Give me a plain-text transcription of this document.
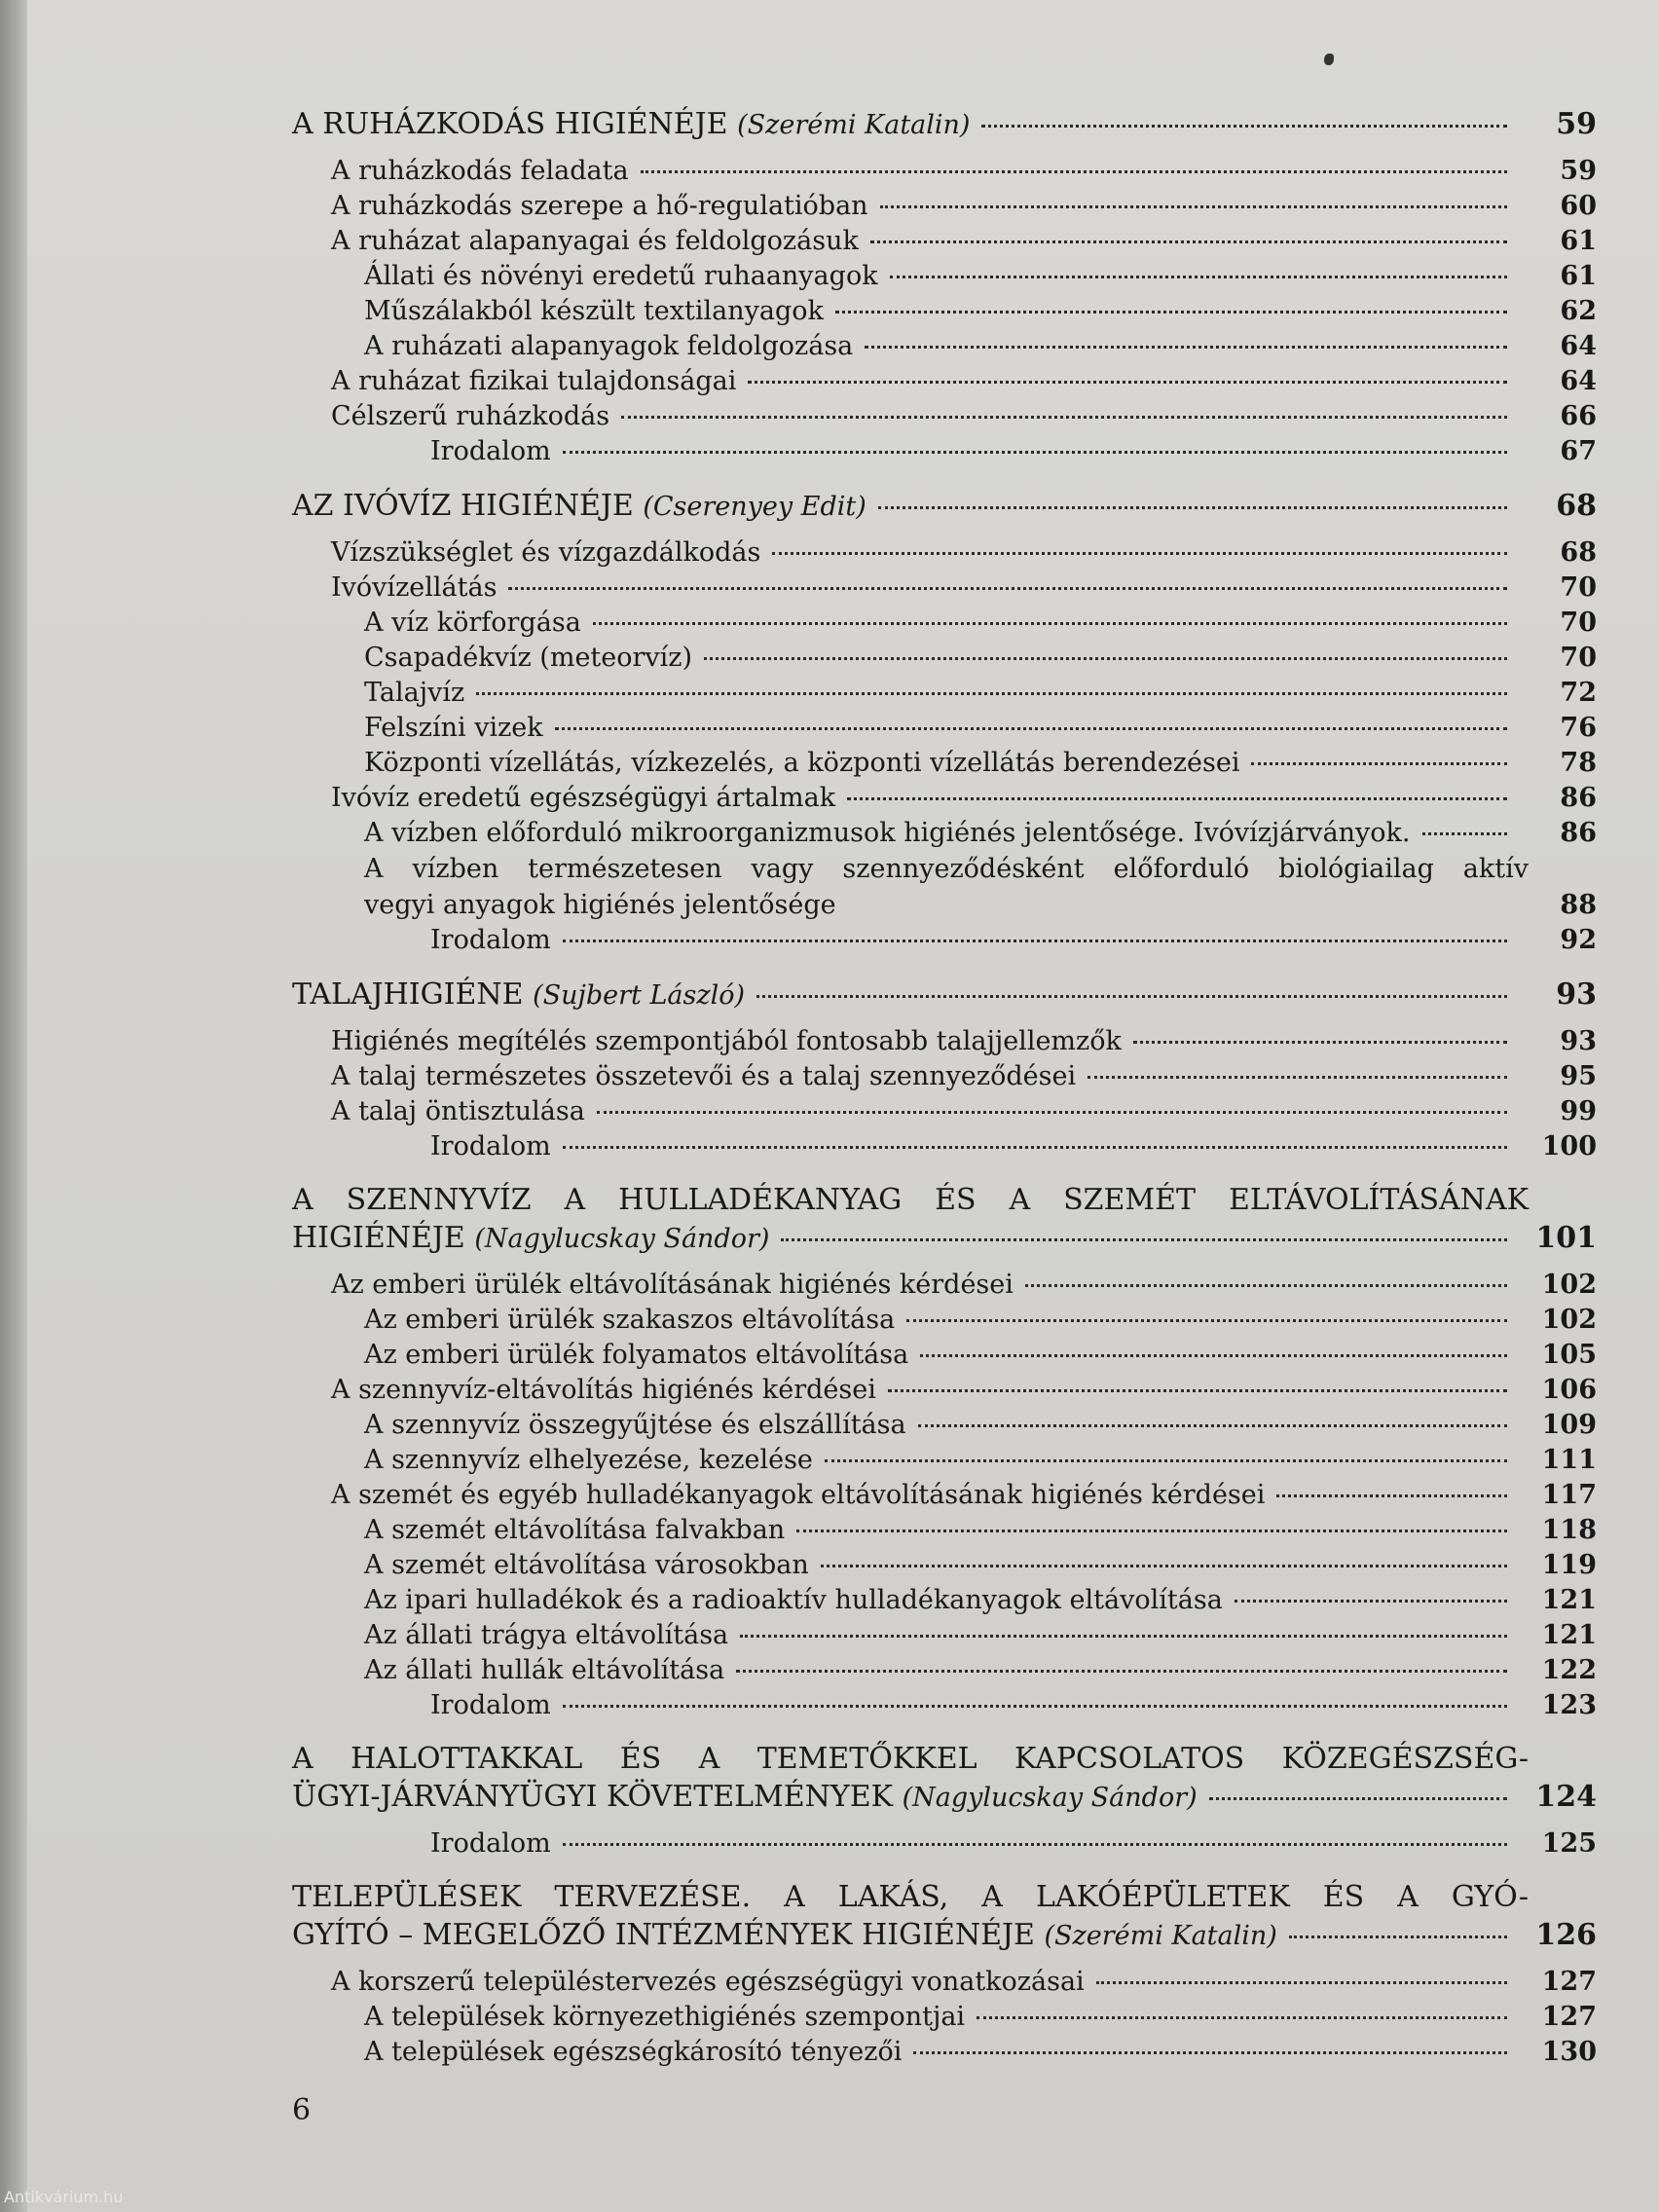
A RUHÁZKODÁS HIGIÉNÉJE (Szerémi Katalin)	59
A ruházkodás feladata	59
A ruházkodás szerepe a hő-regulatióban	60
A ruházat alapanyagai és feldolgozásuk	61
Állati és növényi eredetű ruhaanyagok	61
Műszálakból készült textilanyagok	62
A ruházati alapanyagok feldolgozása	64
A ruházat fizikai tulajdonságai	64
Célszerű ruházkodás	66
Irodalom	67
AZ IVÓVÍZ HIGIÉNÉJE (Cserenyey Edit)	68
Vízszükséglet és vízgazdálkodás	68
Ivóvízellátás	70
A víz körforgása	70
Csapadékvíz (meteorvíz)	70
Talajvíz	72
Felszíni vizek	76
Központi vízellátás, vízkezelés, a központi vízellátás berendezései	78
Ivóvíz eredetű egészségügyi ártalmak	86
A vízben előforduló mikroorganizmusok higiénés jelentősége. Ivóvízjárványok.	86
A vízben természetesen vagy szennyeződésként előforduló biológiailag aktív
vegyi anyagok higiénés jelentősége	88
Irodalom	92
TALAJHIGIÉNE (Sujbert László)	93
Higiénés megítélés szempontjából fontosabb talajjellemzők	93
A talaj természetes összetevői és a talaj szennyeződései	95
A talaj öntisztulása	99
Irodalom	100
A SZENNYVÍZ A HULLADÉKANYAG ÉS A SZEMÉT ELTÁVOLÍTÁSÁNAK
HIGIÉNÉJE (Nagylucskay Sándor)	101
Az emberi ürülék eltávolításának higiénés kérdései	102
Az emberi ürülék szakaszos eltávolítása	102
Az emberi ürülék folyamatos eltávolítása	105
A szennyvíz-eltávolítás higiénés kérdései	106
A szennyvíz összegyűjtése és elszállítása	109
A szennyvíz elhelyezése, kezelése	111
A szemét és egyéb hulladékanyagok eltávolításának higiénés kérdései	117
A szemét eltávolítása falvakban	118
A szemét eltávolítása városokban	119
Az ipari hulladékok és a radioaktív hulladékanyagok eltávolítása	121
Az állati trágya eltávolítása	121
Az állati hullák eltávolítása	122
Irodalom	123
A HALOTTAKKAL ÉS A TEMETŐKKEL KAPCSOLATOS KÖZEGÉSZSÉG-
ÜGYI-JÁRVÁNYÜGYI KÖVETELMÉNYEK (Nagylucskay Sándor)	124
Irodalom	125
TELEPÜLÉSEK TERVEZÉSE. A LAKÁS, A LAKÓÉPÜLETEK ÉS A GYÓ-
GYÍTÓ – MEGELŐZŐ INTÉZMÉNYEK HIGIÉNÉJE (Szerémi Katalin)	126
A korszerű településtervezés egészségügyi vonatkozásai	127
A települések környezethigiénés szempontjai	127
A települések egészségkárosító tényezői	130
6
Antikvárium.hu
